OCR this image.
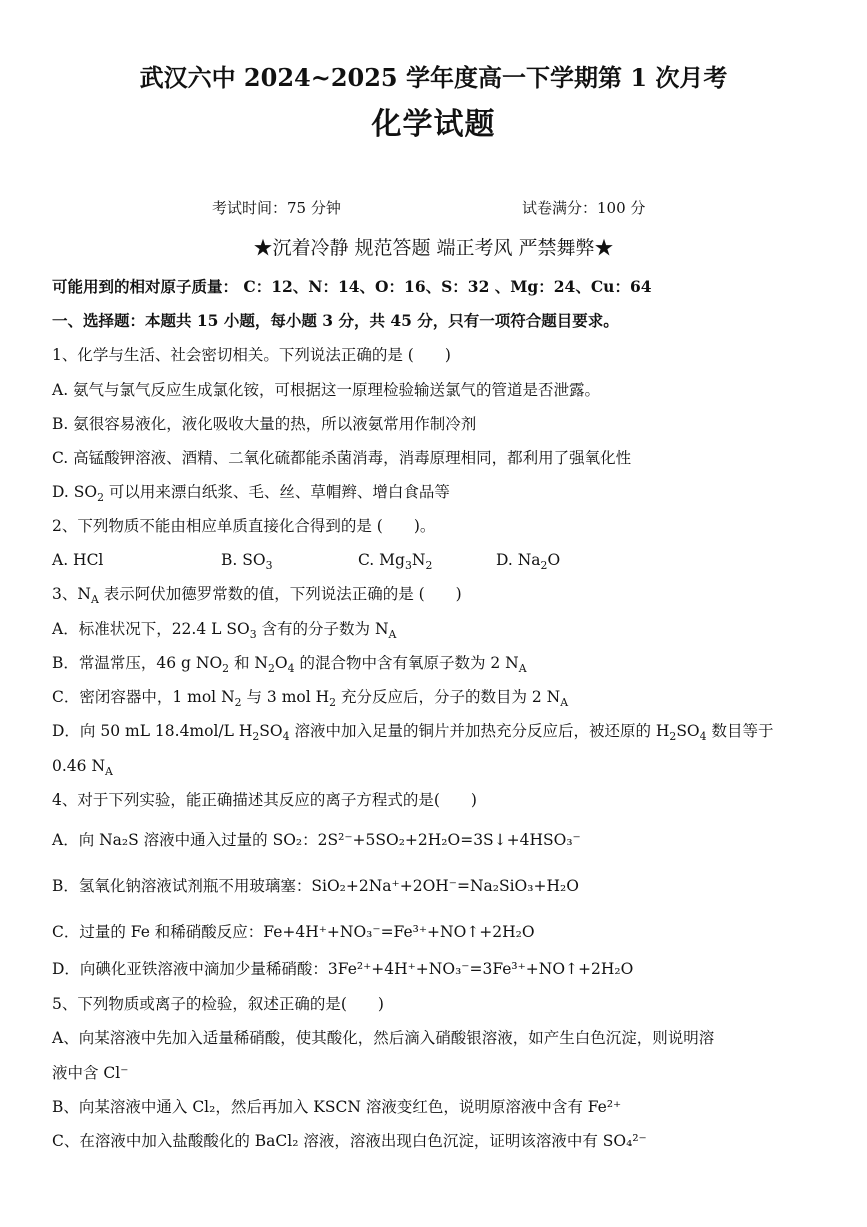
武汉六中 2024~2025 学年度高一下学期第 1 次月考
化学试题
考试时间：75 分钟	试卷满分：100 分
★沉着冷静 规范答题 端正考风 严禁舞弊★
可能用到的相对原子质量： C：12、N：14、O：16、S：32 、Mg：24、Cu：64
一、选择题：本题共 15 小题，每小题 3 分，共 45 分，只有一项符合题目要求。
1、化学与生活、社会密切相关。下列说法正确的是 (　　)
A. 氨气与氯气反应生成氯化铵，可根据这一原理检验输送氯气的管道是否泄露。
B. 氨很容易液化，液化吸收大量的热，所以液氨常用作制冷剂
C. 高锰酸钾溶液、酒精、二氧化硫都能杀菌消毒，消毒原理相同，都利用了强氧化性
D. $SO_2$ 可以用来漂白纸浆、毛、丝、草帽辫、增白食品等
2、下列物质不能由相应单质直接化合得到的是 (　　)。
A. HCl	B. $SO_3$	C. $Mg_3N_2$	D. $Na_2O$
3、$N_A$ 表示阿伏加德罗常数的值，下列说法正确的是 (　　)
A．标准状况下，22.4 L $SO_3$ 含有的分子数为 $N_A$
B．常温常压，46 g $NO_2$ 和 $N_2O_4$ 的混合物中含有氧原子数为 2 $N_A$
C．密闭容器中，1 mol $N_2$ 与 3 mol $H_2$ 充分反应后，分子的数目为 2 $N_A$
D．向 50 mL 18.4mol/L $H_2SO_4$ 溶液中加入足量的铜片并加热充分反应后，被还原的 $H_2SO_4$ 数目等于
0.46 $N_A$
4、对于下列实验，能正确描述其反应的离子方程式的是(　　)
A．向 Na₂S 溶液中通入过量的 SO₂：2S²⁻+5SO₂+2H₂O=3S↓+4HSO₃⁻
B．氢氧化钠溶液试剂瓶不用玻璃塞：SiO₂+2Na⁺+2OH⁻=Na₂SiO₃+H₂O
C．过量的 Fe 和稀硝酸反应：Fe+4H⁺+NO₃⁻=Fe³⁺+NO↑+2H₂O
D．向碘化亚铁溶液中滴加少量稀硝酸：3Fe²⁺+4H⁺+NO₃⁻=3Fe³⁺+NO↑+2H₂O
5、下列物质或离子的检验，叙述正确的是(　　)
A、向某溶液中先加入适量稀硝酸，使其酸化，然后滴入硝酸银溶液，如产生白色沉淀，则说明溶
液中含 Cl⁻
B、向某溶液中通入 Cl₂，然后再加入 KSCN 溶液变红色，说明原溶液中含有 Fe²⁺
C、在溶液中加入盐酸酸化的 BaCl₂ 溶液，溶液出现白色沉淀，证明该溶液中有 SO₄²⁻
